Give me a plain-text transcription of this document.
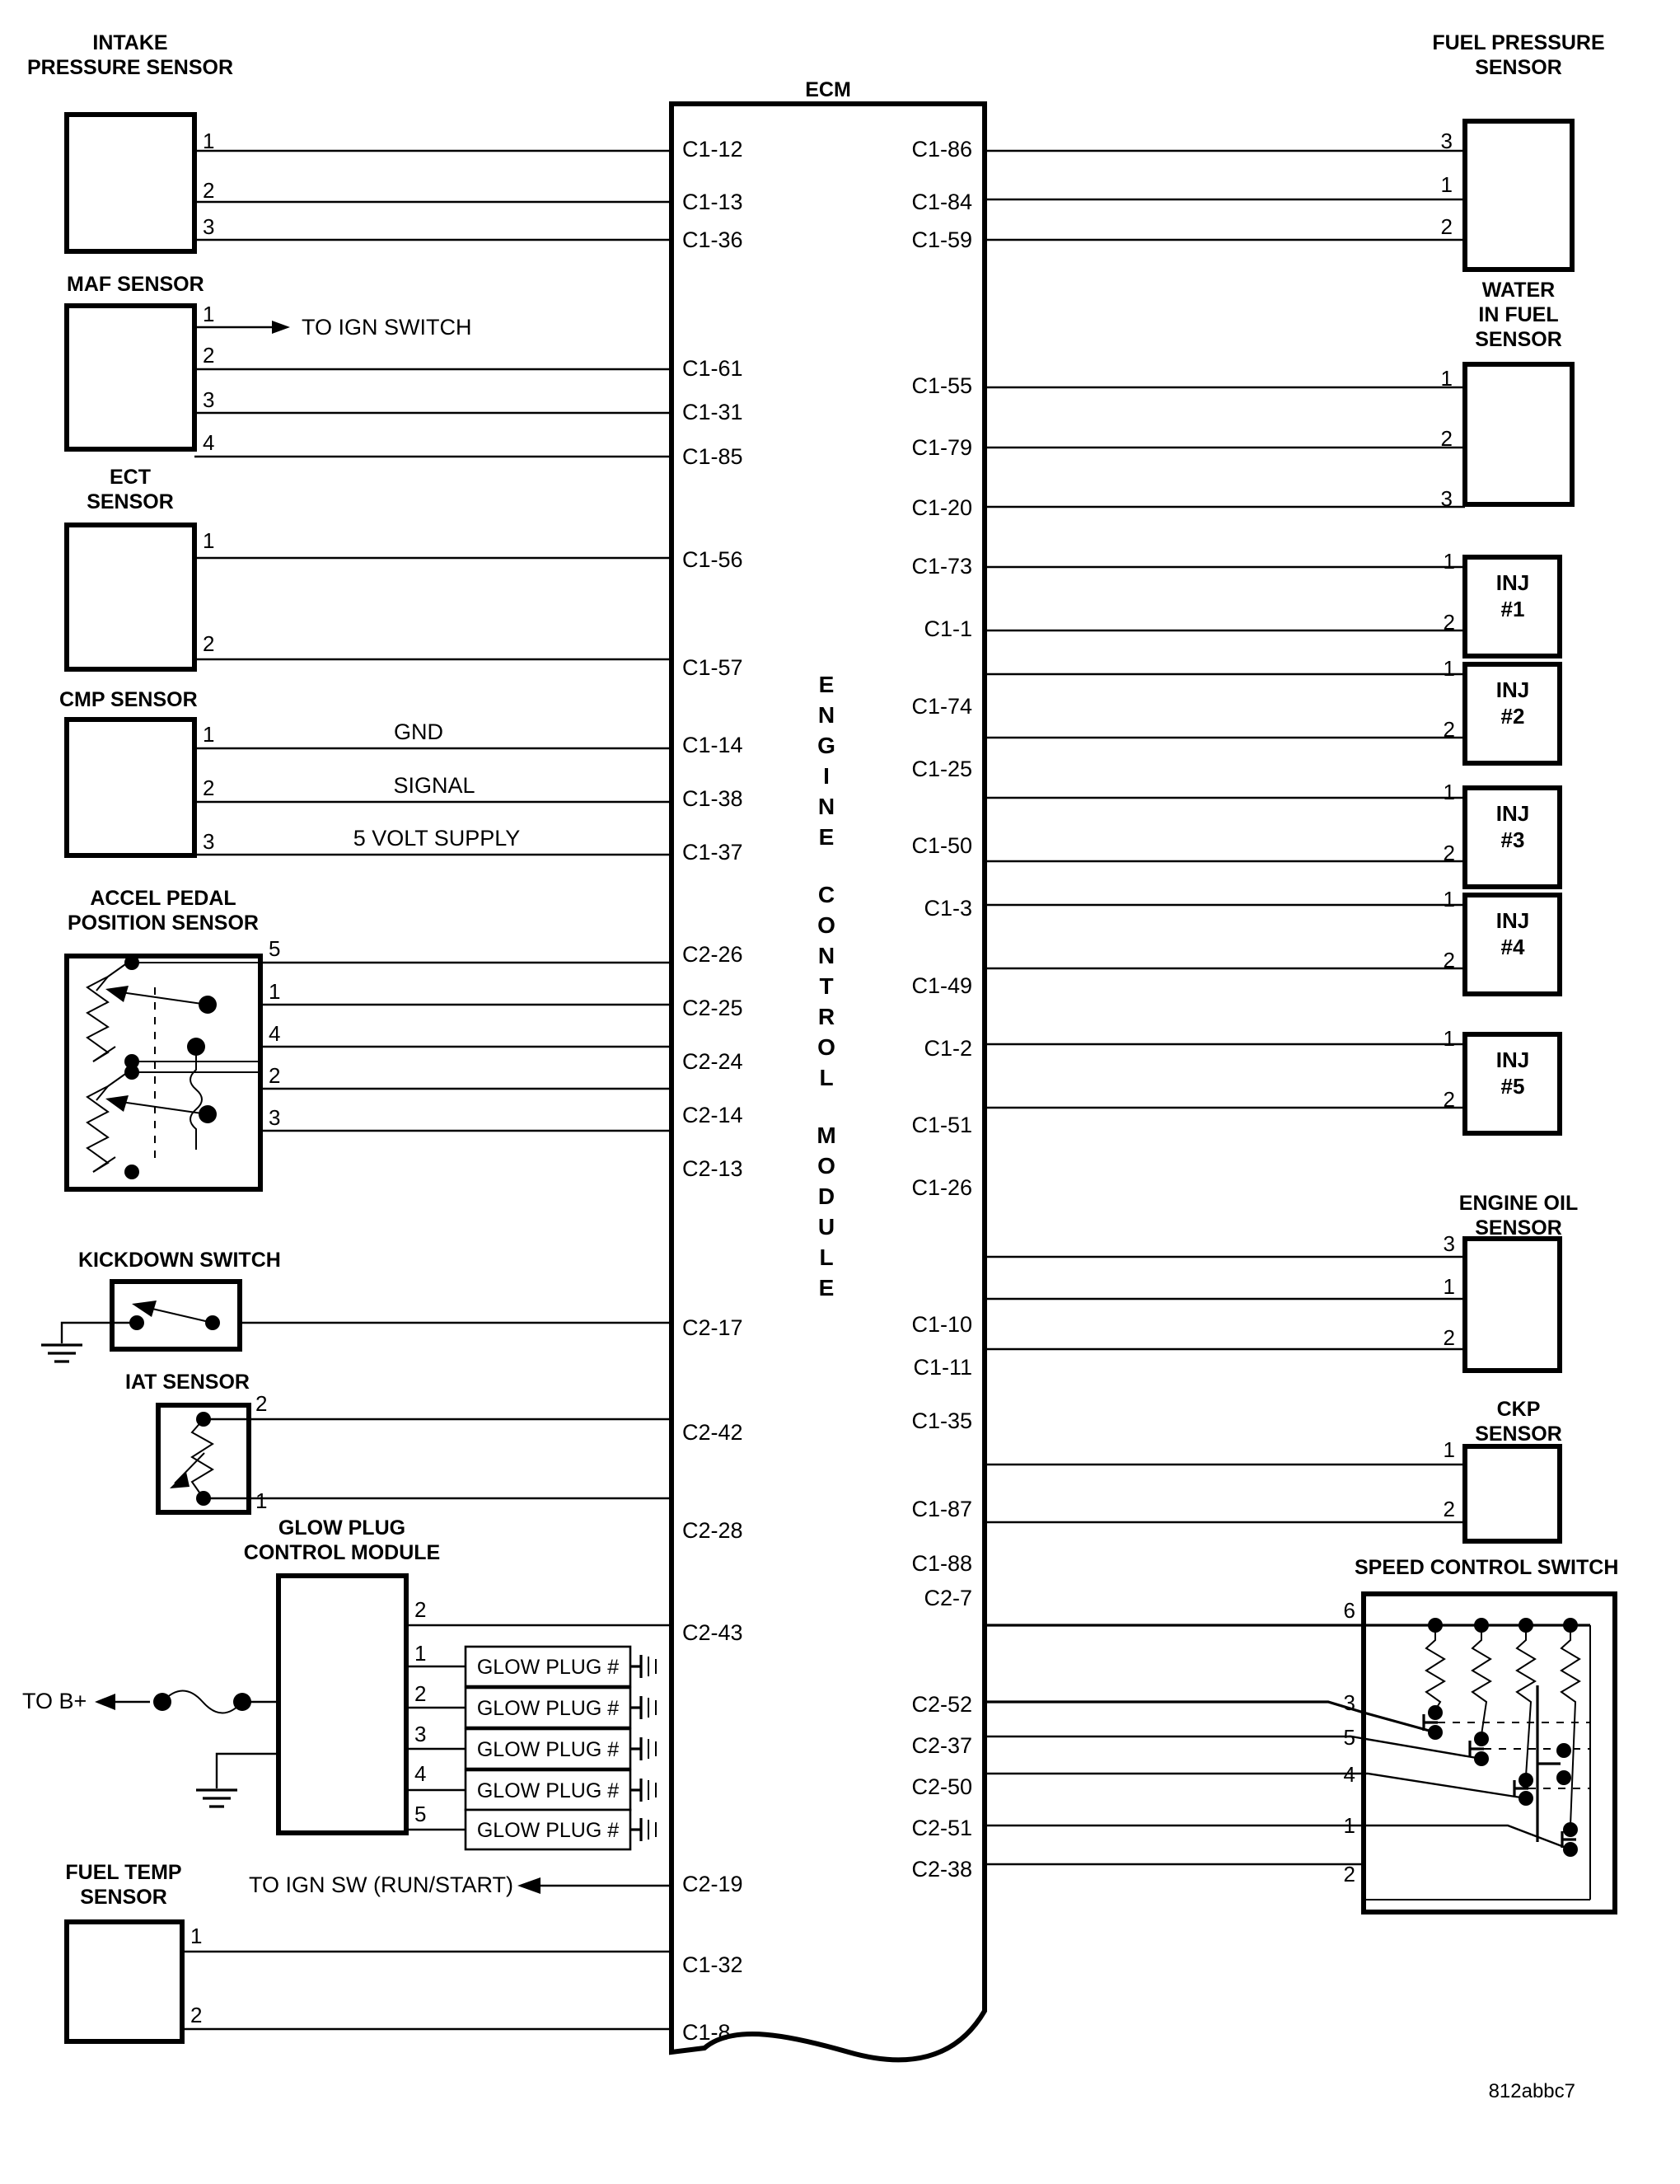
ECM
E
N
G
I
N
E
C
O
N
T
R
O
L
M
O
D
U
L
E
C1-12
C1-13
C1-36
C1-61
C1-31
C1-85
C1-56
C1-57
C1-14
C1-38
C1-37
C2-26
C2-25
C2-24
C2-14
C2-13
C2-17
C2-42
C2-28
C2-43
C2-19
C1-32
C1-8
C1-86
C1-84
C1-59
C1-55
C1-79
C1-20
C1-73
C1-1
C1-74
C1-25
C1-50
C1-3
C1-49
C1-2
C1-51
C1-26
C1-10
C1-11
C1-35
C1-87
C1-88
C2-7
C2-52
C2-37
C2-50
C2-51
C2-38
INTAKE
PRESSURE SENSOR
1
2
3
MAF SENSOR
1
2
3
4
TO IGN SWITCH
ECT
SENSOR
1
2
CMP SENSOR
1
2
3
GND
SIGNAL
5 VOLT SUPPLY
ACCEL PEDAL
POSITION SENSOR
5
1
4
2
3
KICKDOWN SWITCH
IAT SENSOR
2
1
GLOW PLUG
CONTROL MODULE
2
1
2
3
4
5
TO B+
GLOW PLUG #
GLOW PLUG #
GLOW PLUG #
GLOW PLUG #
GLOW PLUG #
TO IGN SW (RUN/START)
FUEL TEMP
SENSOR
1
2
FUEL PRESSURE
SENSOR
3
1
2
WATER
IN FUEL
SENSOR
1
2
3
INJ
#1
1
2
INJ
#2
1
2
INJ
#3
1
2
INJ
#4
1
2
INJ
#5
1
2
ENGINE OIL
SENSOR
3
1
2
CKP
SENSOR
1
2
SPEED CONTROL SWITCH
6
3
5
4
1
2
812abbc7
